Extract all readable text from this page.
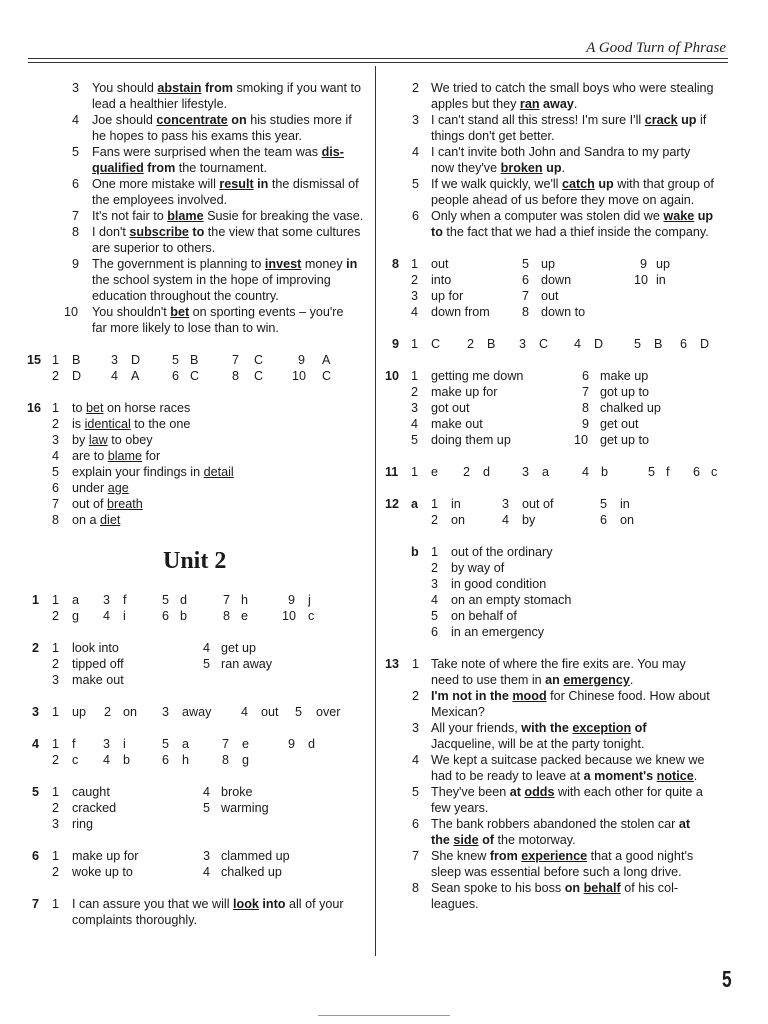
A Good Turn of Phrase
3 You should abstain from smoking if you want to
lead a healthier lifestyle.
4 Joe should concentrate on his studies more if
he hopes to pass his exams this year.
5 Fans were surprised when the team was dis-
qualified from the tournament.
6 One more mistake will result in the dismissal of
the employees involved.
7 It's not fair to blame Susie for breaking the vase.
8 I don't subscribe to the view that some cultures
are superior to others.
9 The government is planning to invest money in
the school system in the hope of improving
education throughout the country.
10 You shouldn't bet on sporting events – you're
far more likely to lose than to win.
15 1 B 3 D	5 B	7 C	9 A
2 D 4 A	6 C	8 C 10 C
16 1 to bet on horse races
2 is identical to the one
3 by law to obey
4 are to blame for
5 explain your findings in detail
6 under age
7 out of breath
8 on a diet
1 1 a 3 f	5 d	7 h	9 j
2 g 4 i	6 b	8 e	10 c
2 1 look into	4 get up
2 tipped off	5 ran away
3 make out
3 1 up 2 on 3 away 4 out 5 over
4 1 f 3 i	5 a	7 e	9 d
2 c 4 b	6 h	8 g
5 1 caught	4 broke
2 cracked	5 warming
3 ring
6 1 make up for	3 clammed up
2 woke up to	4 chalked up
7 1 I can assure you that we will look into all of your
complaints thoroughly.
2 We tried to catch the small boys who were stealing
apples but they ran away.
3 I can't stand all this stress! I'm sure I'll crack up if
things don't get better.
4 I can't invite both John and Sandra to my party
now they've broken up.
5 If we walk quickly, we'll catch up with that group of
people ahead of us before they move on again.
6 Only when a computer was stolen did we wake up
to the fact that we had a thief inside the company.
8 1 out	5 up	9 up
2 into	6 down	10 in
3 up for	7 out
4 down from	8 down to
9 1 C 2 B 3 C 4 D 5 B 6 D
10 1 getting me down	6 make up
2 make up for	7 got up to
3 got out	8 chalked up
4 make out	9 get out
5 doing them up	10 get up to
11 1 e 2 d	3 a	4 b	5 f 6 c
12 a 1 in	3 out of	5 in
2 on	4 by	6 on
b 1 out of the ordinary
2 by way of
3 in good condition
4 on an empty stomach
5 on behalf of
6 in an emergency
13 1 Take note of where the fire exits are. You may
need to use them in an emergency.
2 I'm not in the mood for Chinese food. How about
Mexican?
3 All your friends, with the exception of
Jacqueline, will be at the party tonight.
4 We kept a suitcase packed because we knew we
had to be ready to leave at a moment's notice.
5 They've been at odds with each other for quite a
few years.
6 The bank robbers abandoned the stolen car at
the side of the motorway.
7 She knew from experience that a good night's
sleep was essential before such a long drive.
8 Sean spoke to his boss on behalf of his col-
leagues.
Unit 2
5
